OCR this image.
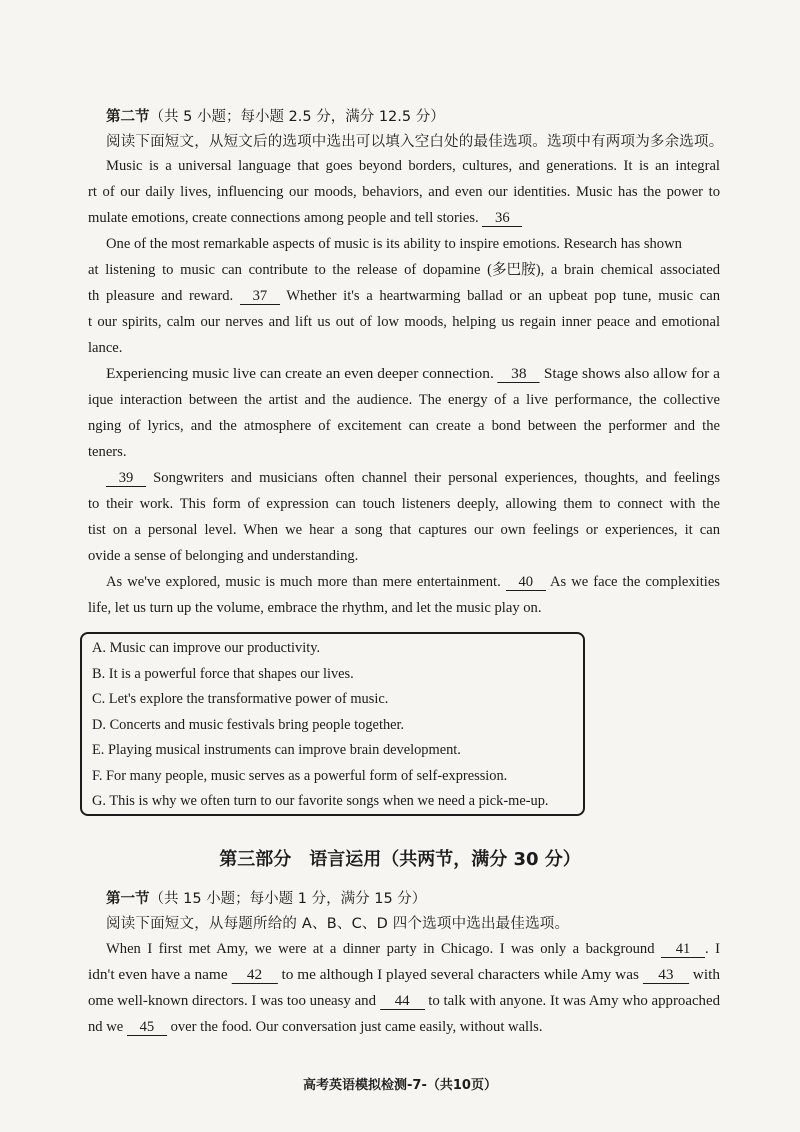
第二节（共 5 小题；每小题 2.5 分，满分 12.5 分）
阅读下面短文，从短文后的选项中选出可以填入空白处的最佳选项。选项中有两项为多余选项。
Music is a universal language that goes beyond borders, cultures, and generations. It is an integral
rt of our daily lives, influencing our moods, behaviors, and even our identities. Music has the power to
mulate emotions, create connections among people and tell stories. 36
One of the most remarkable aspects of music is its ability to inspire emotions. Research has shown
at listening to music can contribute to the release of dopamine (多巴胺), a brain chemical associated
th pleasure and reward. 37 Whether it's a heartwarming ballad or an upbeat pop tune, music can
t our spirits, calm our nerves and lift us out of low moods, helping us regain inner peace and emotional
lance.
Experiencing music live can create an even deeper connection. 38 Stage shows also allow for a
ique interaction between the artist and the audience. The energy of a live performance, the collective
nging of lyrics, and the atmosphere of excitement can create a bond between the performer and the
teners.
39 Songwriters and musicians often channel their personal experiences, thoughts, and feelings
to their work. This form of expression can touch listeners deeply, allowing them to connect with the
tist on a personal level. When we hear a song that captures our own feelings or experiences, it can
ovide a sense of belonging and understanding.
As we've explored, music is much more than mere entertainment. 40 As we face the complexities
life, let us turn up the volume, embrace the rhythm, and let the music play on.
A. Music can improve our productivity.
B. It is a powerful force that shapes our lives.
C. Let's explore the transformative power of music.
D. Concerts and music festivals bring people together.
E. Playing musical instruments can improve brain development.
F. For many people, music serves as a powerful form of self-expression.
G. This is why we often turn to our favorite songs when we need a pick-me-up.
第三部分　语言运用（共两节，满分 30 分）
第一节（共 15 小题；每小题 1 分，满分 15 分）
阅读下面短文，从每题所给的 A、B、C、D 四个选项中选出最佳选项。
When I first met Amy, we were at a dinner party in Chicago. I was only a background 41 . I
idn't even have a name 42 to me although I played several characters while Amy was 43 with
ome well-known directors. I was too uneasy and 44 to talk with anyone. It was Amy who approached
nd we 45 over the food. Our conversation just came easily, without walls.
高考英语模拟检测-7-（共10页）
